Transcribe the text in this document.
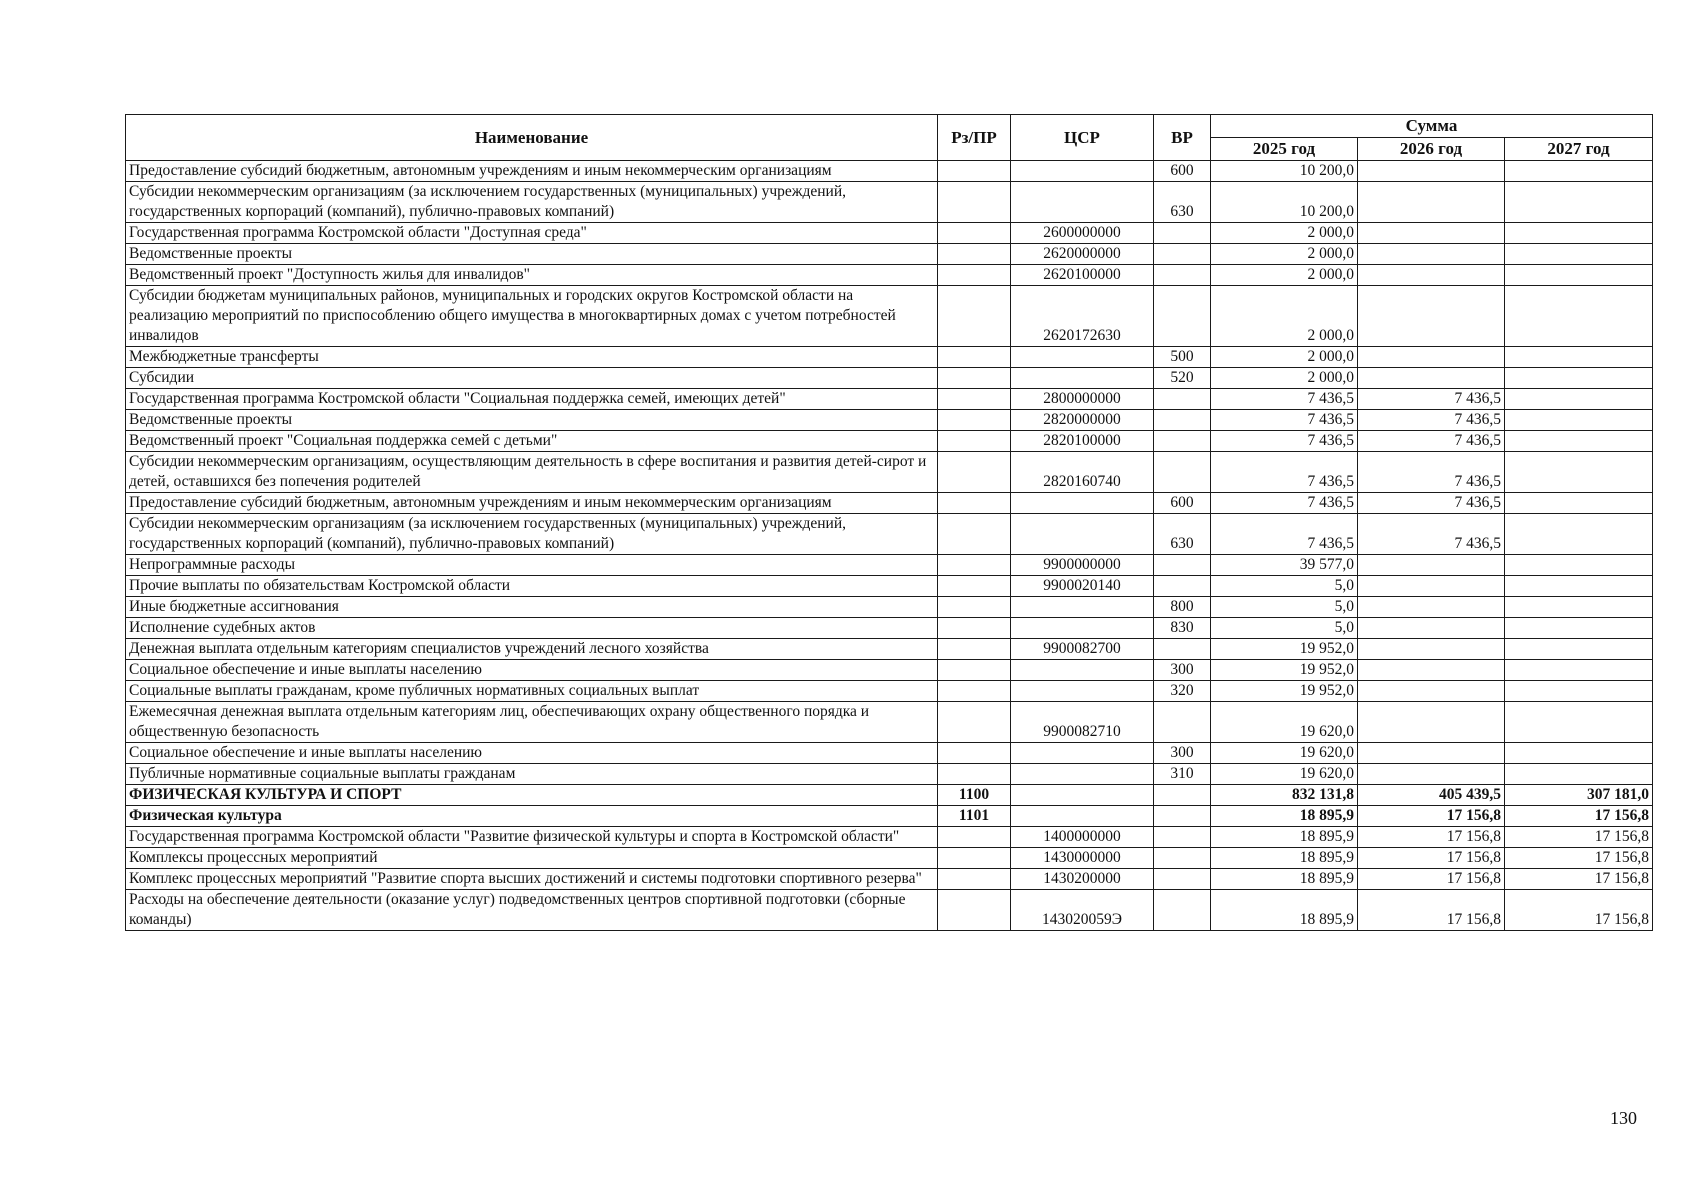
Наименование	Рз/ПР	ЦСР	ВР	Сумма		
				2025 год	2026 год	2027 год
Предоставление субсидий бюджетным, автономным учреждениям и иным некоммерческим организациям			600	10 200,0		
Субсидии некоммерческим организациям (за исключением государственных (муниципальных) учреждений, государственных корпораций (компаний), публично-правовых компаний)			630	10 200,0		
Государственная программа Костромской области "Доступная среда"		2600000000		2 000,0		
Ведомственные проекты		2620000000		2 000,0		
Ведомственный проект "Доступность жилья для инвалидов"		2620100000		2 000,0		
Субсидии бюджетам муниципальных районов, муниципальных и городских округов Костромской области на реализацию мероприятий по приспособлению общего имущества в многоквартирных домах с учетом потребностей инвалидов		2620172630		2 000,0		
Межбюджетные трансферты			500	2 000,0		
Субсидии			520	2 000,0		
Государственная программа Костромской области "Социальная поддержка семей, имеющих детей"		2800000000		7 436,5	7 436,5	
Ведомственные проекты		2820000000		7 436,5	7 436,5	
Ведомственный проект "Социальная поддержка семей с детьми"		2820100000		7 436,5	7 436,5	
Субсидии некоммерческим организациям, осуществляющим деятельность в сфере воспитания и развития детей-сирот и детей, оставшихся без попечения родителей		2820160740		7 436,5	7 436,5	
Предоставление субсидий бюджетным, автономным учреждениям и иным некоммерческим организациям			600	7 436,5	7 436,5	
Субсидии некоммерческим организациям (за исключением государственных (муниципальных) учреждений, государственных корпораций (компаний), публично-правовых компаний)			630	7 436,5	7 436,5	
Непрограммные расходы		9900000000		39 577,0		
Прочие выплаты по обязательствам Костромской области		9900020140		5,0		
Иные бюджетные ассигнования			800	5,0		
Исполнение судебных актов			830	5,0		
Денежная выплата отдельным категориям специалистов учреждений лесного хозяйства		9900082700		19 952,0		
Социальное обеспечение и иные выплаты населению			300	19 952,0		
Социальные выплаты гражданам, кроме публичных нормативных социальных выплат			320	19 952,0		
Ежемесячная денежная выплата отдельным категориям лиц, обеспечивающих охрану общественного порядка и общественную безопасность		9900082710		19 620,0		
Социальное обеспечение и иные выплаты населению			300	19 620,0		
Публичные нормативные социальные выплаты гражданам			310	19 620,0		
ФИЗИЧЕСКАЯ КУЛЬТУРА И СПОРТ	1100			832 131,8	405 439,5	307 181,0
Физическая культура	1101			18 895,9	17 156,8	17 156,8
Государственная программа Костромской области "Развитие физической культуры и спорта в Костромской области"		1400000000		18 895,9	17 156,8	17 156,8
Комплексы процессных мероприятий		1430000000		18 895,9	17 156,8	17 156,8
Комплекс процессных мероприятий "Развитие спорта высших достижений и системы подготовки спортивного резерва"		1430200000		18 895,9	17 156,8	17 156,8
Расходы на обеспечение деятельности (оказание услуг) подведомственных центров спортивной подготовки (сборные команды)		143020059Э		18 895,9	17 156,8	17 156,8
130
